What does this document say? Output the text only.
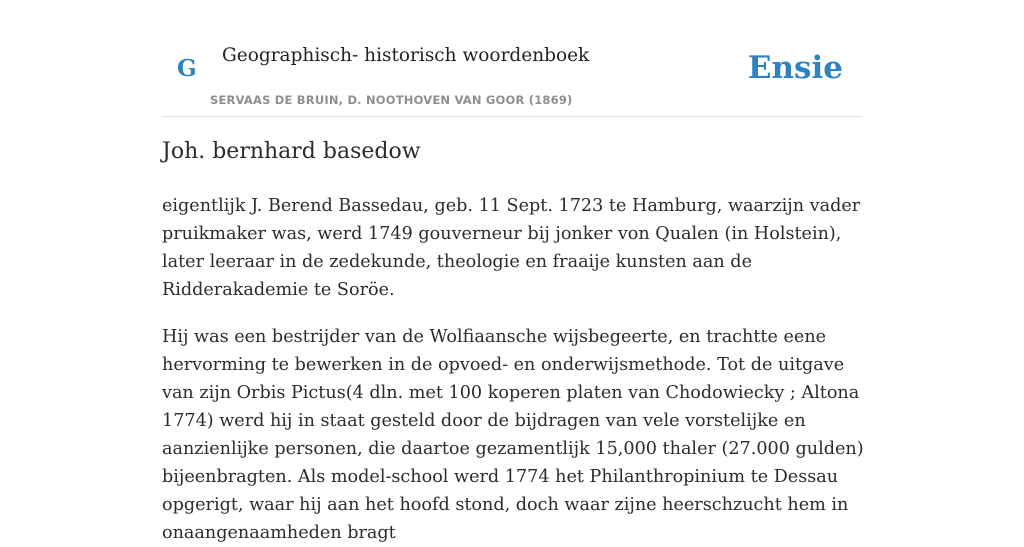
G Geographisch- historisch woordenboek
SERVAAS DE BRUIN, D. NOOTHOVEN VAN GOOR (1869)
Ensie
Joh. bernhard basedow

eigentlijk J. Berend Bassedau, geb. 11 Sept. 1723 te Hamburg, waarzijn vader pruikmaker was, werd 1749 gouverneur bij jonker von Qualen (in Holstein), later leeraar in de zedekunde, theologie en fraaije kunsten aan de Ridderakademie te Soröe.

Hij was een bestrijder van de Wolfiaansche wijsbegeerte, en trachtte eene hervorming te bewerken in de opvoed- en onderwijsmethode. Tot de uitgave van zijn Orbis Pictus(4 dln. met 100 koperen platen van Chodowiecky ; Altona 1774) werd hij in staat gesteld door de bijdragen van vele vorstelijke en aanzienlijke personen, die daartoe gezamentlijk 15,000 thaler (27.000 gulden) bijeenbragten. Als model-school werd 1774 het Philanthropinium te Dessau opgerigt, waar hij aan het hoofd stond, doch waar zijne heerschzucht hem in onaangenaamheden bragt
